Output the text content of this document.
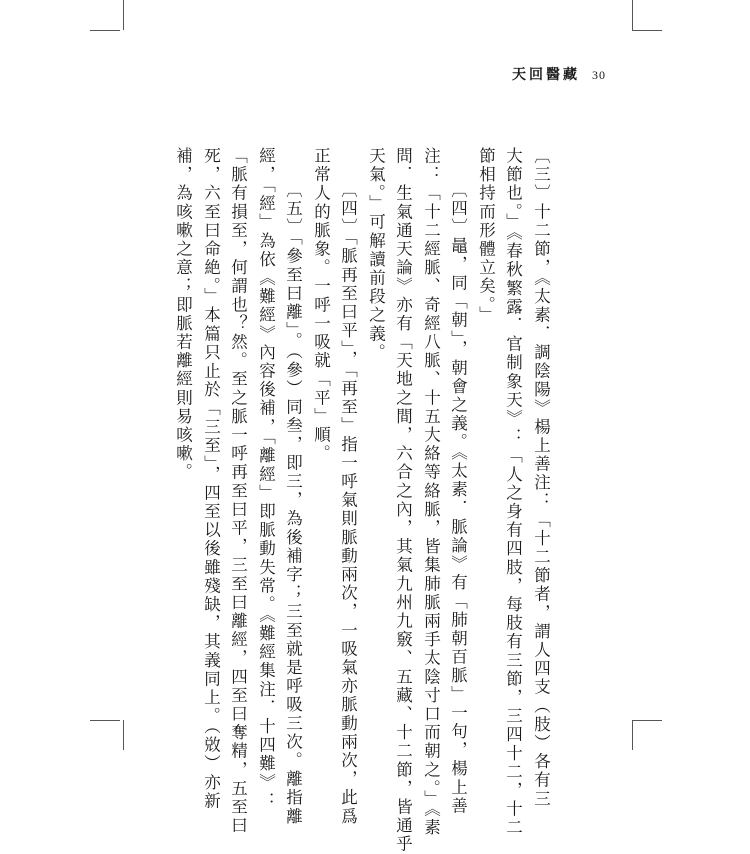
天回醫藏 30
〔三〕十二節，《太素．調陰陽》楊上善注：「十二節者，謂人四支（肢）各有三
大節也。」《春秋繁露．官制象天》：「人之身有四肢，每肢有三節，三四十二，十二
節相持而形體立矣。」
〔四〕鼂，同「朝」，朝會之義。《太素．脈論》有「肺朝百脈」一句，楊上善
注：「十二經脈、奇經八脈、十五大絡等絡脈，皆集肺脈兩手太陰寸口而朝之。」《素
問．生氣通天論》亦有「天地之間，六合之內，其氣九州九竅、五藏、十二節，皆通乎
天氣。」可解讀前段之義。
〔四〕「脈再至曰平」，「再至」指一呼氣則脈動兩次，一吸氣亦脈動兩次，此爲
正常人的脈象。一呼一吸就「平」順。
〔五〕「參至曰離」。（參）同叁，即三，為後補字；三至就是呼吸三次。離指離
經，「經」為依《難經》內容後補，「離經」即脈動失常。《難經集注．十四難》：
「脈有損至，何謂也？然。至之脈一呼再至曰平，三至曰離經，四至曰奪精，五至曰
死，六至曰命絶。」本篇只止於「三至」，四至以後雖殘缺，其義同上。（敚）亦新
補，為咳嗽之意；即脈若離經則易咳嗽。
